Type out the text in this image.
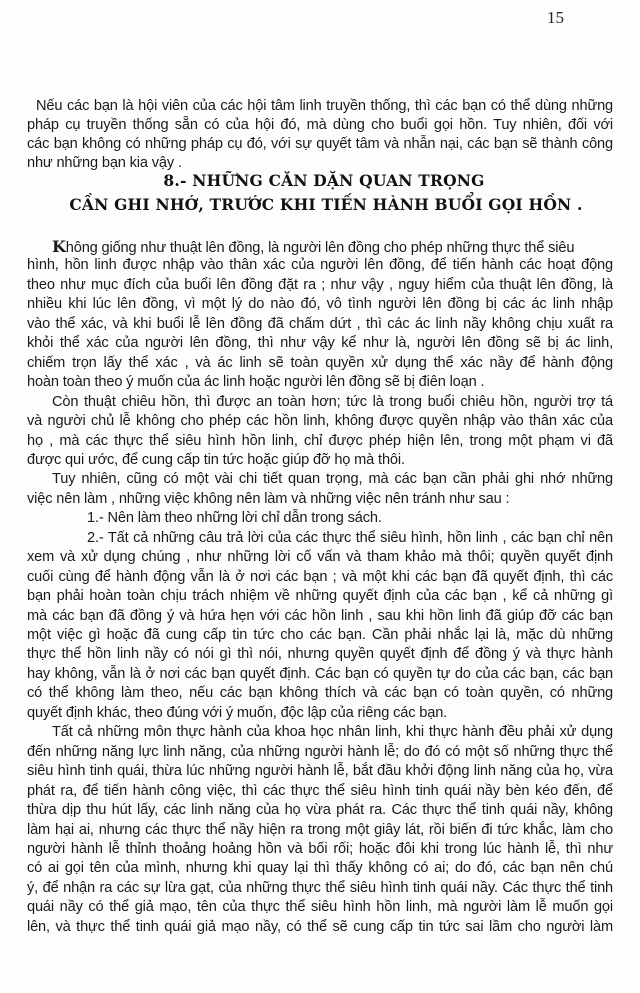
15
Nếu các bạn là hội viên của các hội tâm linh truyền thống, thì các bạn có thể dùng những
pháp cụ truyền thống sẵn có của hội đó, mà dùng cho buổi gọi hồn. Tuy nhiên, đối với
các bạn không có những pháp cụ đó, với sự quyết tâm và nhẫn nại, các bạn sẽ thành công
như những bạn kia vậy .
8.- NHỮNG CĂN DẶN QUAN TRỌNG
CẦN GHI NHỚ, TRƯỚC KHI TIẾN HÀNH BUỔI GỌI HỒN .
Không giống như thuật lên đồng, là người lên đồng cho phép những thực thể siêu
hình, hồn linh được nhập vào thân xác của người lên đồng, để tiến hành các hoạt động
theo như mục đích của buổi lên đồng đặt ra ; như vậy , nguy hiểm của thuật lên đồng, là
nhiều khi lúc lên đồng, vì một lý do nào đó, vô tình người lên đồng bị các ác linh nhập
vào thể xác, và khi buổi lễ lên đồng đã chấm dứt , thì các ác linh nầy không chịu xuất ra
khỏi thể xác của người lên đồng, thì như vậy kể như là, người lên đồng sẽ bị ác linh,
chiếm trọn lấy thể xác , và ác linh sẽ toàn quyền xử dụng thể xác nầy để hành động
hoàn toàn theo ý muốn của ác linh hoặc người lên đồng sẽ bị điên loạn .
Còn thuật chiêu hồn, thì được an toàn hơn; tức là trong buổi chiêu hồn, người trợ tá
và người chủ lễ không cho phép các hồn linh, không được quyền nhập vào thân xác của
họ , mà các thực thể siêu hình hồn linh, chỉ được phép hiện lên, trong một phạm vi đã
được qui ước, để cung cấp tin tức hoặc giúp đỡ họ mà thôi.
Tuy nhiên, cũng có một vài chi tiết quan trọng, mà các bạn cần phải ghi nhớ những
việc nên làm , những việc không nên làm và những việc nên tránh như sau :
1.- Nên làm theo những lời chỉ dẫn trong sách.
2.- Tất cả những câu trả lời của các thực thể siêu hình, hồn linh , các bạn chỉ nên
xem và xử dụng chúng , như những lời cố vấn và tham khảo mà thôi; quyền quyết định
cuối cùng để hành động vẫn là ở nơi các bạn ; và một khi các bạn đã quyết định, thì các
bạn phải hoàn toàn chịu trách nhiệm về những quyết định của các bạn , kể cả những gì
mà các bạn đã đồng ý và hứa hẹn với các hồn linh , sau khi hồn linh đã giúp đỡ các bạn
một việc gì hoặc đã cung cấp tin tức cho các bạn. Cần phải nhắc lại là, mặc dù những
thực thể hồn linh nầy có nói gì thì nói, nhưng quyền quyết định để đồng ý và thực hành
hay không, vẫn là ở nơi các bạn quyết định. Các bạn có quyền tự do của các bạn, các bạn
có thể không làm theo, nếu các bạn không thích và các bạn có toàn quyền, có những
quyết định khác, theo đúng với ý muốn, độc lập của riêng các bạn.
Tất cả những môn thực hành của khoa học nhân linh, khi thực hành đều phải xử dụng
đến những năng lực linh năng, của những người hành lễ; do đó có một số những thực thể
siêu hình tinh quái, thừa lúc những người hành lễ, bắt đầu khởi động linh năng của họ, vừa
phát ra, để tiến hành công việc, thì các thực thể siêu hình tinh quái nầy bèn kéo đến, để
thừa dịp thu hút lấy, các linh năng của họ vừa phát ra. Các thực thể tinh quái nầy, không
làm hại ai, nhưng các thực thể nầy hiện ra trong một giây lát, rồi biến đi tức khắc, làm cho
người hành lễ thỉnh thoảng hoảng hồn và bối rối; hoặc đôi khi trong lúc hành lễ, thì như
có ai gọi tên của mình, nhưng khi quay lại thì thấy không có ai; do đó, các bạn nên chú
ý, để nhận ra các sự lừa gạt, của những thực thể siêu hình tinh quái nầy. Các thực thể tinh
quái nầy có thể giả mạo, tên của thực thể siêu hình hồn linh, mà người làm lễ muốn gọi
lên, và thực thể tinh quái giả mạo nầy, có thể sẽ cung cấp tin tức sai lầm cho người làm
